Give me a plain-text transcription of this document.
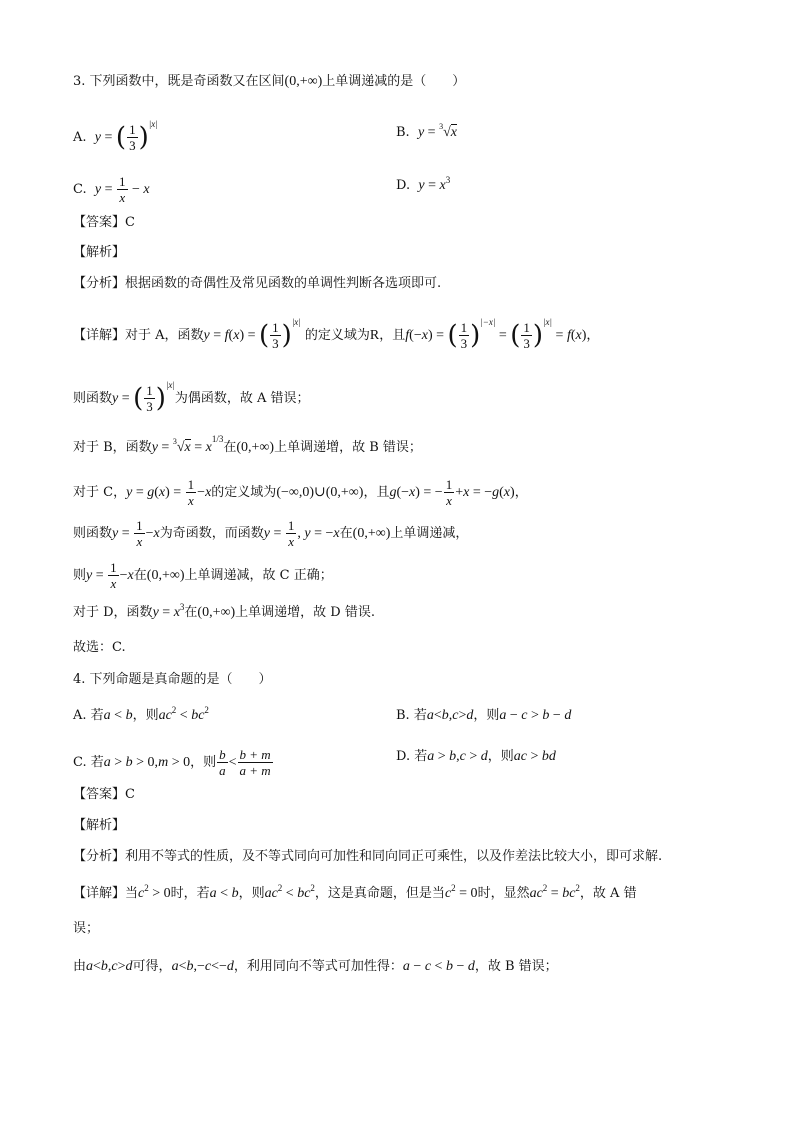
3. 下列函数中，既是奇函数又在区间(0,+∞)上单调递减的是（　　）
A. y = ( $\frac{1}{3} )^{|x|}$
B. y = $^3$√x
C. $y = \frac{1}{x} - x$	D. $y = x^3$
【答案】C
【解析】
【分析】根据函数的奇偶性及常见函数的单调性判断各选项即可.
【详解】对于 A，函数y = f(x) = ( $\frac{1}{3} )^{|x|}$ 的定义域为R，且f(−x) = ( $\frac{1}{3} )^{|-x|}$ = ( $\frac{1}{3} )^{|x|} = f(x)$，
则函数y = ( $\frac{1}{3} )^{|x|}$为偶函数，故 A 错误；
对于 B，函数$y = ^3√x = x^{1/3}$在(0,+∞)上单调递增，故 B 错误；
对于 C，$y = g(x) = \frac{1}{x} -x$的定义域为(−∞,0)∪(0,+∞)，且g(−x) = − $\frac{1}{x} +x = -g(x)$，
则函数$y = \frac{1}{x} -x$为奇函数，而函数$y = \frac{1}{x}$ , y = −x在(0,+∞)上单调递减，
则$y = \frac{1}{x} -x$在(0,+∞)上单调递减，故 C 正确；
对于 D，函数$y = x^3$在(0,+∞)上单调递增，故 D 错误.
故选：C.
4. 下列命题是真命题的是（　　）
A. 若a < b，则$ac^2 < bc^2$	B. 若a<b,c>d，则a − c > b − d
C. 若a > b > 0,m > 0，则 $\frac{b}{a} < \frac{b + m}{a + m}$	D. 若a > b,c > d，则ac > bd
【答案】C
【解析】
【分析】利用不等式的性质，及不等式同向可加性和同向同正可乘性，以及作差法比较大小，即可求解.
【详解】当$c^2 > 0$时，若a < b，则$ac^2 < bc^2$，这是真命题，但是当$c^2 = 0$时，显然$ac^2 = bc^2$，故 A 错
误；
由a<b,c>d可得，a<b,−c<−d，利用同向不等式可加性得：a − c < b − d，故 B 错误；
